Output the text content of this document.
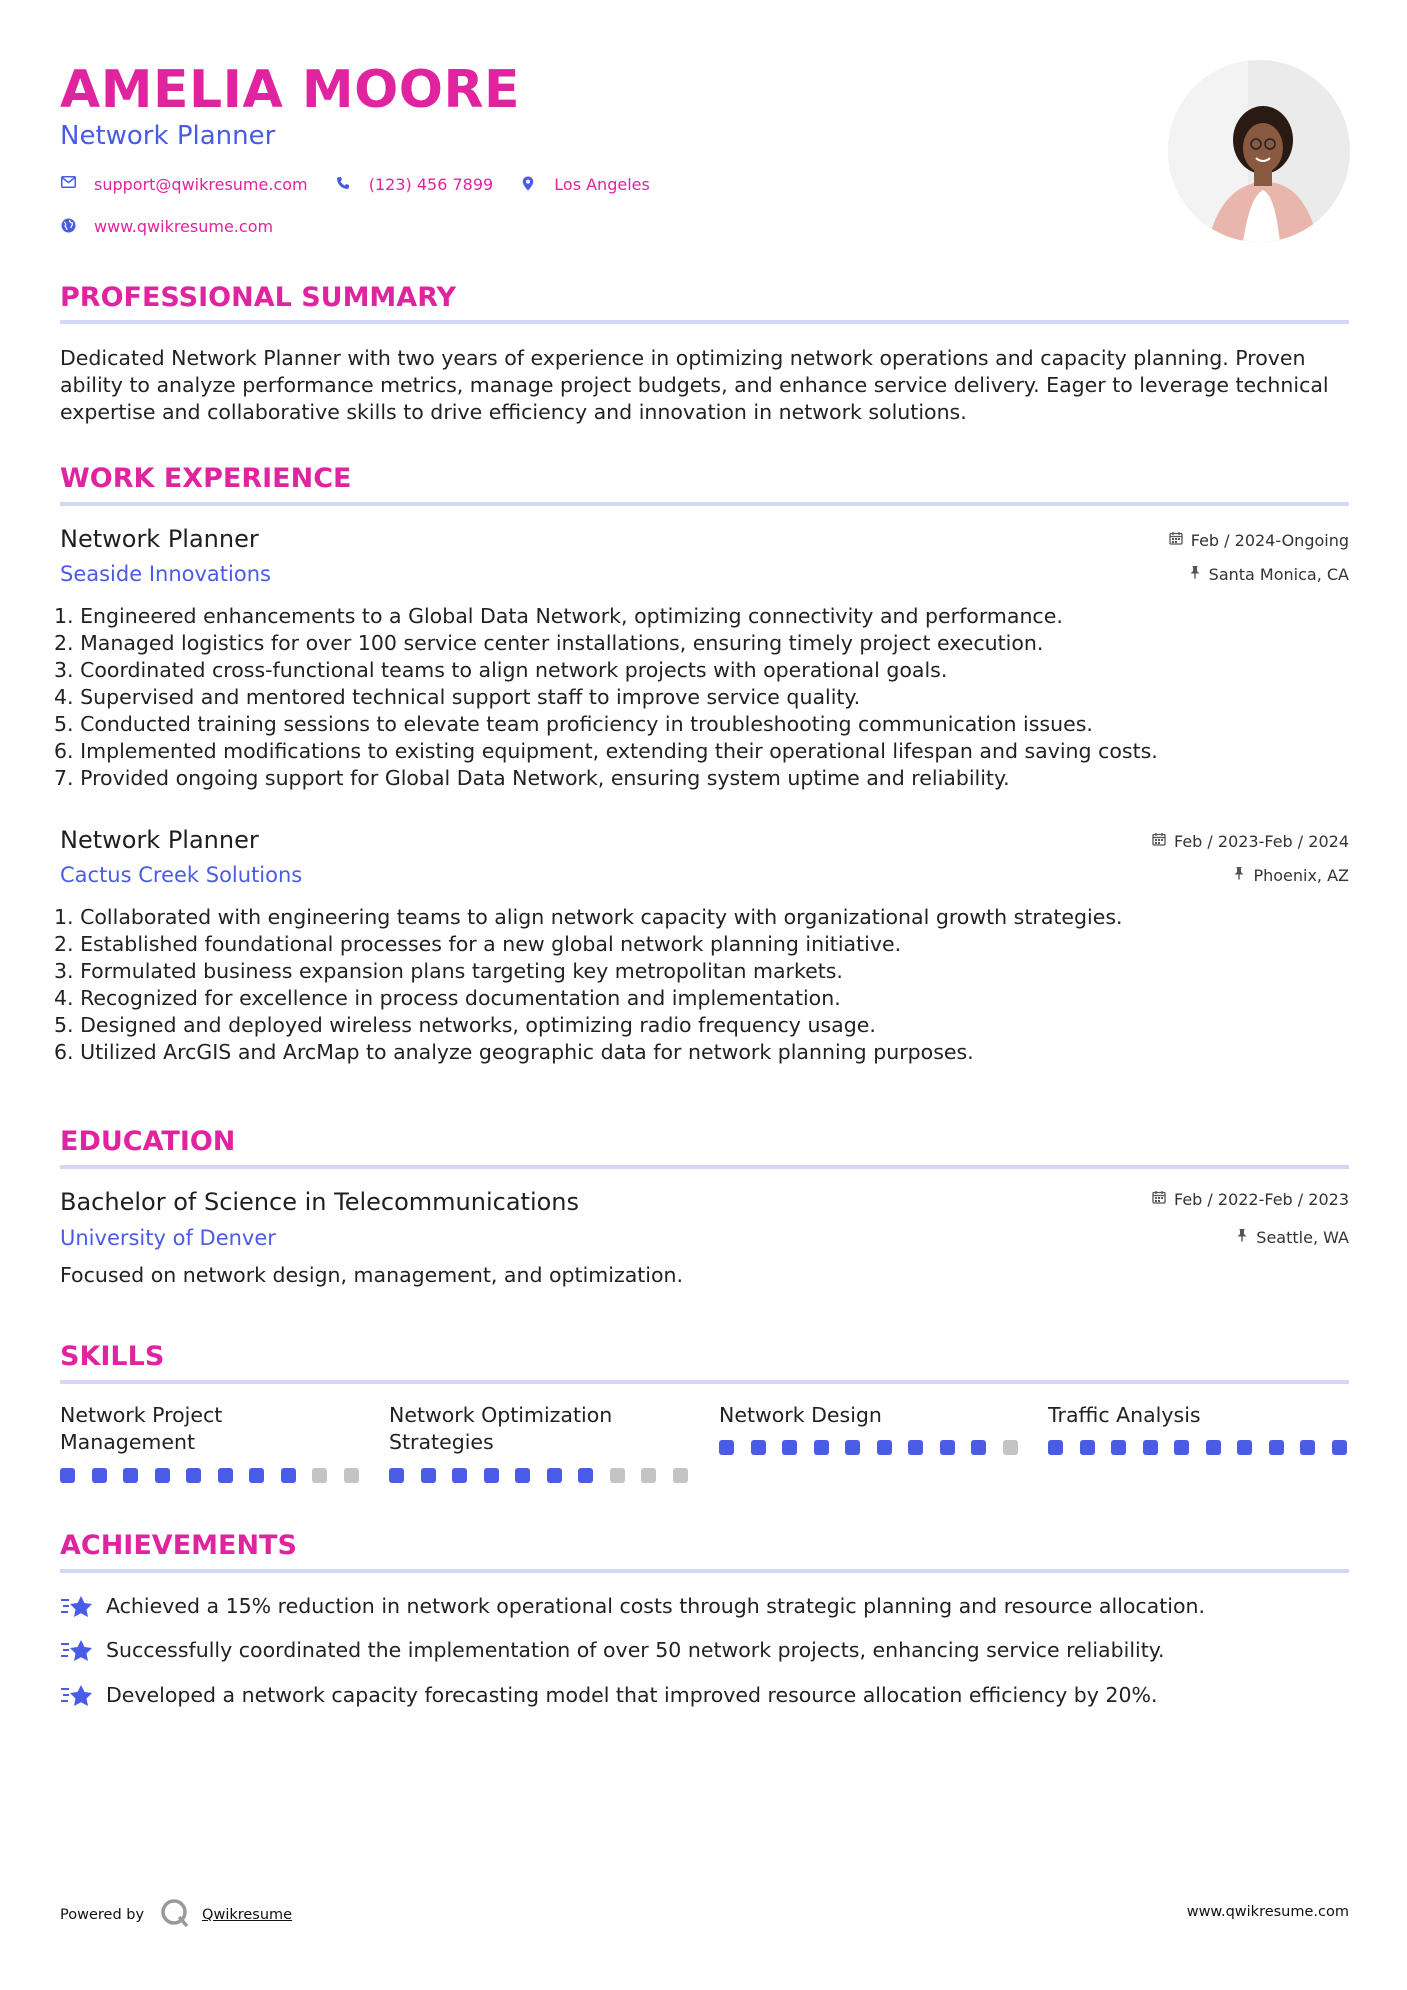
AMELIA MOORE
Network Planner
support@qwikresume.com
	(123) 456 7899
	Los Angeles
www.qwikresume.com
PROFESSIONAL SUMMARY
Dedicated Network Planner with two years of experience in optimizing network operations and capacity planning. Proven ability to analyze performance metrics, manage project budgets, and enhance service delivery. Eager to leverage technical expertise and collaborative skills to drive efficiency and innovation in network solutions.
WORK EXPERIENCE
Network Planner	Feb / 2024-Ongoing
Seaside Innovations	Santa Monica, CA
1. Engineered enhancements to a Global Data Network, optimizing connectivity and performance.
2. Managed logistics for over 100 service center installations, ensuring timely project execution.
3. Coordinated cross-functional teams to align network projects with operational goals.
4. Supervised and mentored technical support staff to improve service quality.
5. Conducted training sessions to elevate team proficiency in troubleshooting communication issues.
6. Implemented modifications to existing equipment, extending their operational lifespan and saving costs.
7. Provided ongoing support for Global Data Network, ensuring system uptime and reliability.
Network Planner	Feb / 2023-Feb / 2024
Cactus Creek Solutions	Phoenix, AZ
1. Collaborated with engineering teams to align network capacity with organizational growth strategies.
2. Established foundational processes for a new global network planning initiative.
3. Formulated business expansion plans targeting key metropolitan markets.
4. Recognized for excellence in process documentation and implementation.
5. Designed and deployed wireless networks, optimizing radio frequency usage.
6. Utilized ArcGIS and ArcMap to analyze geographic data for network planning purposes.
EDUCATION
Bachelor of Science in Telecommunications	Feb / 2022-Feb / 2023
University of Denver	Seattle, WA
Focused on network design, management, and optimization.
SKILLS
Network Project
Management
Network Optimization
Strategies
Network Design	Traffic Analysis
ACHIEVEMENTS
Achieved a 15% reduction in network operational costs through strategic planning and resource allocation.
Successfully coordinated the implementation of over 50 network projects, enhancing service reliability.
Developed a network capacity forecasting model that improved resource allocation efficiency by 20%.
Powered by	Qwikresume	www.qwikresume.com
